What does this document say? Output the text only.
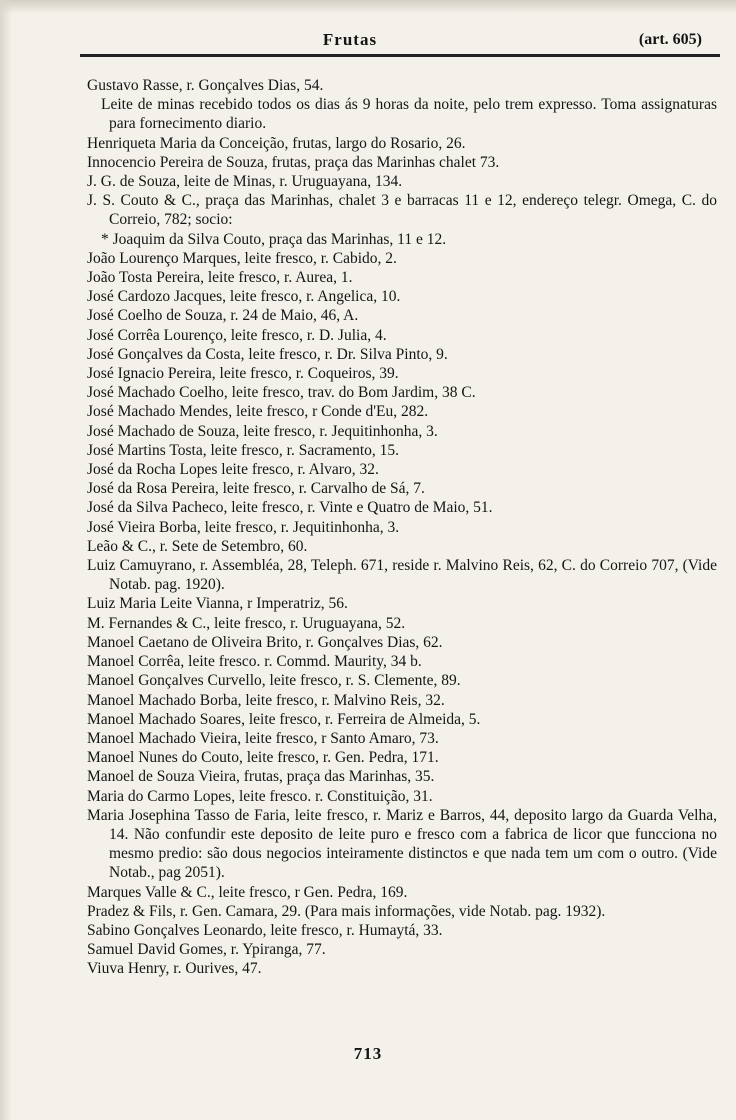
Frutas	(art. 605)

Gustavo Rasse, r. Gonçalves Dias, 54.

Leite de minas recebido todos os dias ás 9 horas da noite, pelo trem expresso. Toma assignaturas para fornecimento diario.

Henriqueta Maria da Conceição, frutas, largo do Rosario, 26.

Innocencio Pereira de Souza, frutas, praça das Marinhas chalet 73.

J. G. de Souza, leite de Minas, r. Uruguayana, 134.

J. S. Couto & C., praça das Marinhas, chalet 3 e barracas 11 e 12, endereço telegr. Omega, C. do Correio, 782; socio:

* Joaquim da Silva Couto, praça das Marinhas, 11 e 12.

João Lourenço Marques, leite fresco, r. Cabido, 2.

João Tosta Pereira, leite fresco, r. Aurea, 1.

José Cardozo Jacques, leite fresco, r. Angelica, 10.

José Coelho de Souza, r. 24 de Maio, 46, A.

José Corrêa Lourenço, leite fresco, r. D. Julia, 4.

José Gonçalves da Costa, leite fresco, r. Dr. Silva Pinto, 9.

José Ignacio Pereira, leite fresco, r. Coqueiros, 39.

José Machado Coelho, leite fresco, trav. do Bom Jardim, 38 C.

José Machado Mendes, leite fresco, r Conde d'Eu, 282.

José Machado de Souza, leite fresco, r. Jequitinhonha, 3.

José Martins Tosta, leite fresco, r. Sacramento, 15.

José da Rocha Lopes leite fresco, r. Alvaro, 32.

José da Rosa Pereira, leite fresco, r. Carvalho de Sá, 7.

José da Silva Pacheco, leite fresco, r. Vinte e Quatro de Maio, 51.

José Vieira Borba, leite fresco, r. Jequitinhonha, 3.

Leão & C., r. Sete de Setembro, 60.

Luiz Camuyrano, r. Assembléa, 28, Teleph. 671, reside r. Malvino Reis, 62, C. do Correio 707, (Vide Notab. pag. 1920).

Luiz Maria Leite Vianna, r Imperatriz, 56.

M. Fernandes & C., leite fresco, r. Uruguayana, 52.

Manoel Caetano de Oliveira Brito, r. Gonçalves Dias, 62.

Manoel Corrêa, leite fresco. r. Commd. Maurity, 34 b.

Manoel Gonçalves Curvello, leite fresco, r. S. Clemente, 89.

Manoel Machado Borba, leite fresco, r. Malvino Reis, 32.

Manoel Machado Soares, leite fresco, r. Ferreira de Almeida, 5.

Manoel Machado Vieira, leite fresco, r Santo Amaro, 73.

Manoel Nunes do Couto, leite fresco, r. Gen. Pedra, 171.

Manoel de Souza Vieira, frutas, praça das Marinhas, 35.

Maria do Carmo Lopes, leite fresco. r. Constituição, 31.

Maria Josephina Tasso de Faria, leite fresco, r. Mariz e Barros, 44, deposito largo da Guarda Velha, 14. Não confundir este deposito de leite puro e fresco com a fabrica de licor que funcciona no mesmo predio: são dous negocios inteiramente distinctos e que nada tem um com o outro. (Vide Notab., pag 2051).

Marques Valle & C., leite fresco, r Gen. Pedra, 169.

Pradez & Fils, r. Gen. Camara, 29. (Para mais informações, vide Notab. pag. 1932).

Sabino Gonçalves Leonardo, leite fresco, r. Humaytá, 33.

Samuel David Gomes, r. Ypiranga, 77.

Viuva Henry, r. Ourives, 47.

713
